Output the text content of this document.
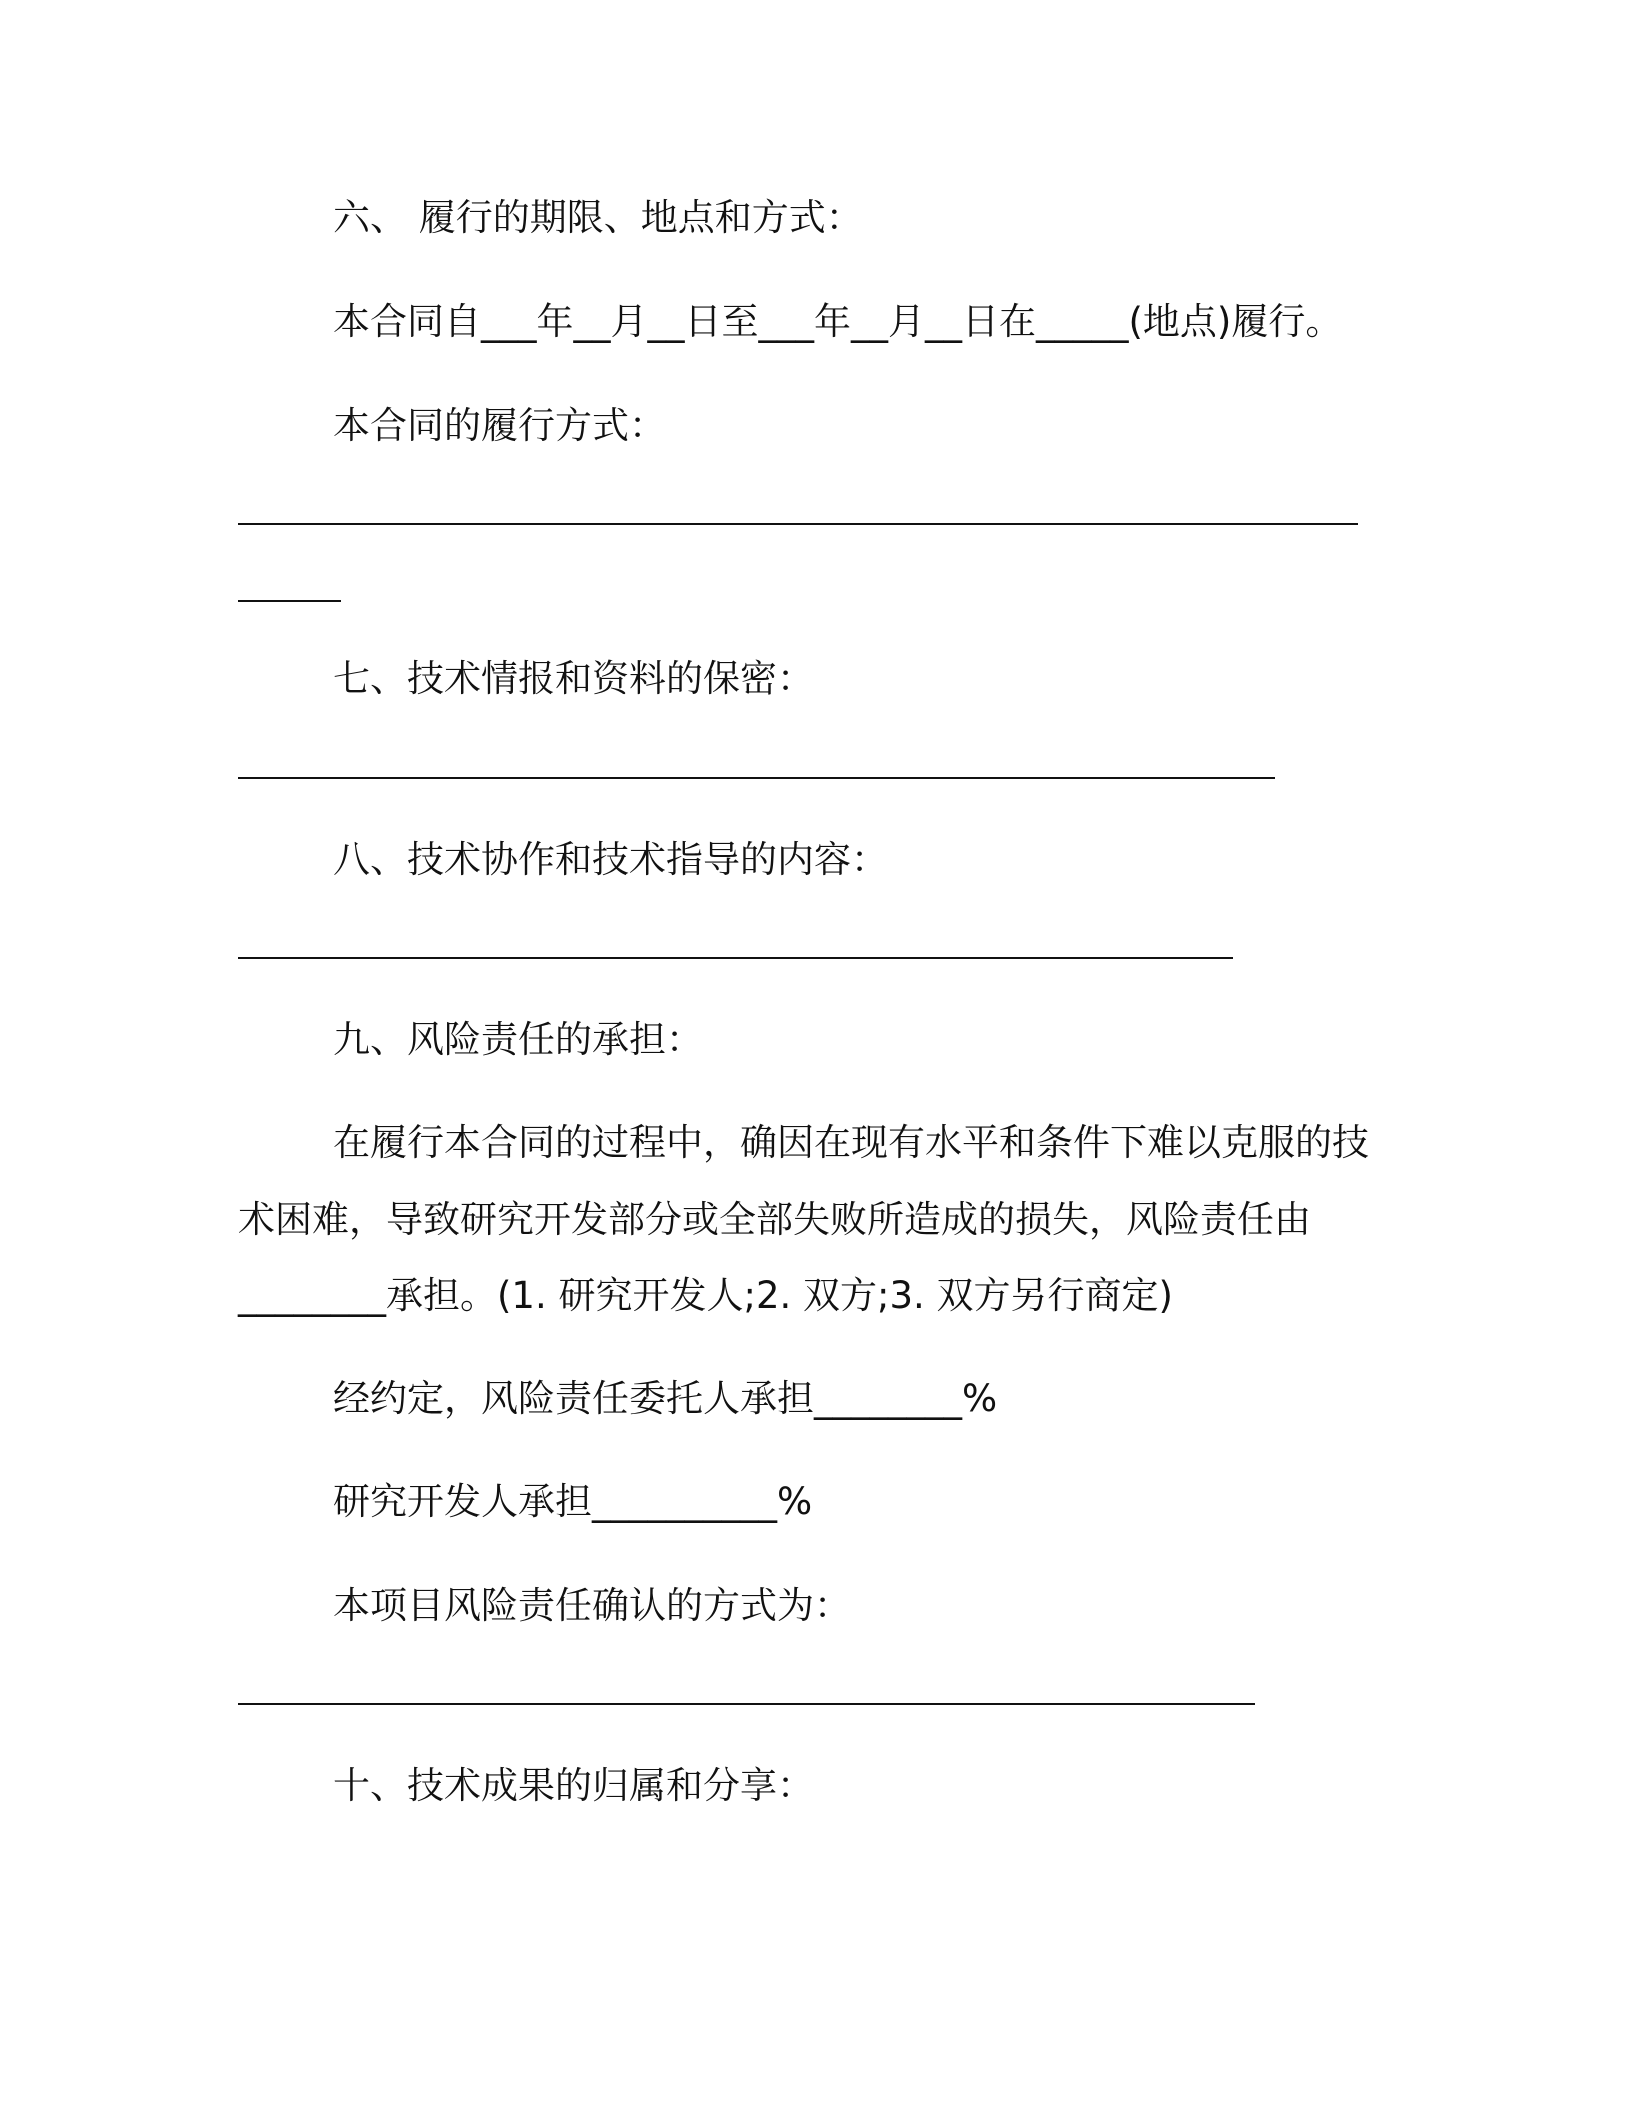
六、 履行的期限、地点和方式：
本合同自___年__月__日至___年__月__日在_____(地点)履行。
本合同的履行方式：
七、技术情报和资料的保密：
八、技术协作和技术指导的内容：
九、风险责任的承担：
在履行本合同的过程中，确因在现有水平和条件下难以克服的技
术困难，导致研究开发部分或全部失败所造成的损失，风险责任由
________承担。(1. 研究开发人;2. 双方;3. 双方另行商定)
经约定，风险责任委托人承担________%
研究开发人承担__________%
本项目风险责任确认的方式为：
十、技术成果的归属和分享：
